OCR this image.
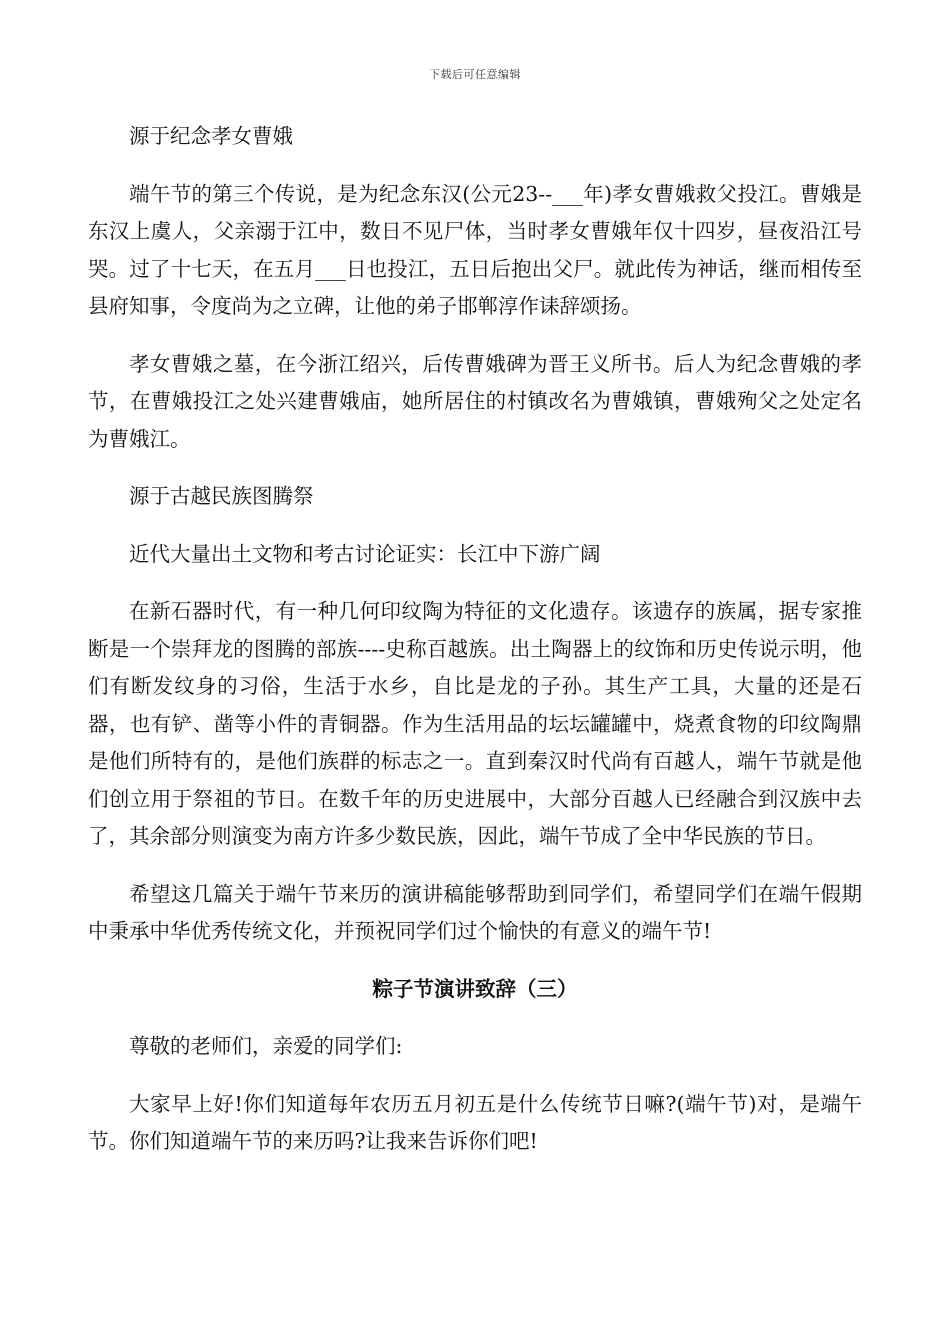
下载后可任意编辑

源于纪念孝女曹娥

端午节的第三个传说，是为纪念东汉(公元23--___年)孝女曹娥救父投江。曹娥是东汉上虞人，父亲溺于江中，数日不见尸体，当时孝女曹娥年仅十四岁，昼夜沿江号哭。过了十七天，在五月___日也投江，五日后抱出父尸。就此传为神话，继而相传至县府知事，令度尚为之立碑，让他的弟子邯郸淳作诔辞颂扬。

孝女曹娥之墓，在今浙江绍兴，后传曹娥碑为晋王义所书。后人为纪念曹娥的孝节，在曹娥投江之处兴建曹娥庙，她所居住的村镇改名为曹娥镇，曹娥殉父之处定名为曹娥江。

源于古越民族图腾祭

近代大量出土文物和考古讨论证实：长江中下游广阔

在新石器时代，有一种几何印纹陶为特征的文化遗存。该遗存的族属，据专家推断是一个崇拜龙的图腾的部族----史称百越族。出土陶器上的纹饰和历史传说示明，他们有断发纹身的习俗，生活于水乡，自比是龙的子孙。其生产工具，大量的还是石器，也有铲、凿等小件的青铜器。作为生活用品的坛坛罐罐中，烧煮食物的印纹陶鼎是他们所特有的，是他们族群的标志之一。直到秦汉时代尚有百越人，端午节就是他们创立用于祭祖的节日。在数千年的历史进展中，大部分百越人已经融合到汉族中去了，其余部分则演变为南方许多少数民族，因此，端午节成了全中华民族的节日。

希望这几篇关于端午节来历的演讲稿能够帮助到同学们，希望同学们在端午假期中秉承中华优秀传统文化，并预祝同学们过个愉快的有意义的端午节!

粽子节演讲致辞（三）

尊敬的老师们，亲爱的同学们:

大家早上好!你们知道每年农历五月初五是什么传统节日嘛?(端午节)对，是端午节。你们知道端午节的来历吗?让我来告诉你们吧!
